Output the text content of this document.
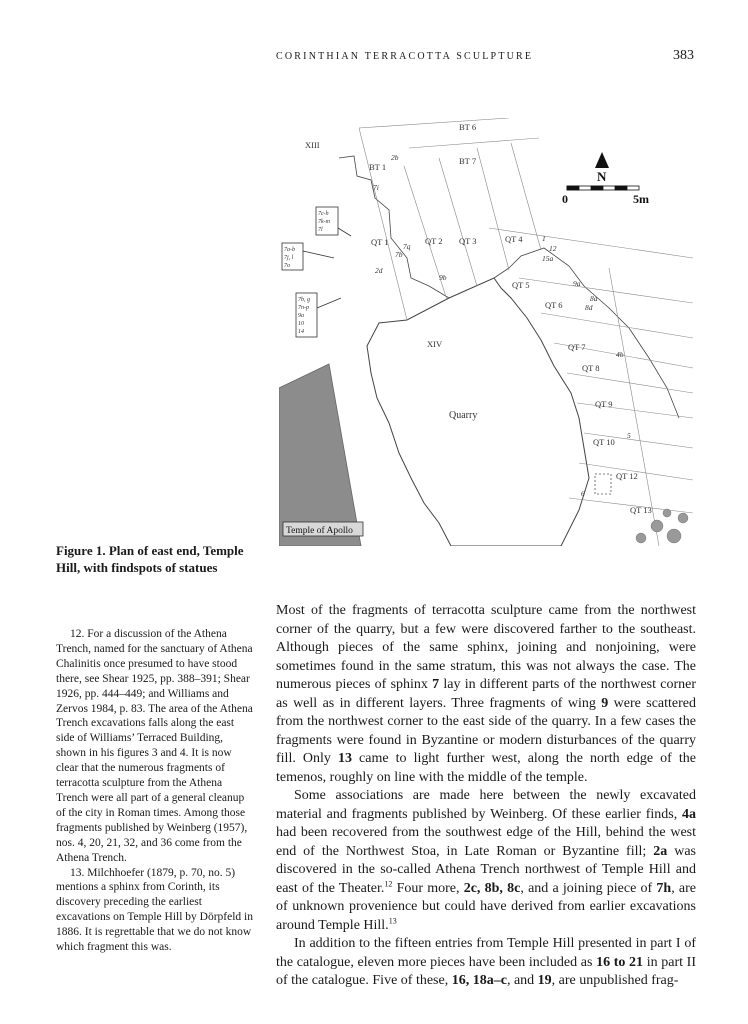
CORINTHIAN TERRACOTTA SCULPTURE	383
XIII
BT 6
BT 1
BT 7
QT 1	QT 2 QT 3	QT 4
QT 5
QT 6
QT 7
QT 8
QT 9
QT 10
QT 12
QT 13
XIV
Quarry
2b
7i
7q
7b
2d
9b
1
12
15a
9a
8a
8d
4b
5
6
7c-h
7k-m
7l
7a-b
7j, l
7o
7b, g
7n-p
9a
10
14
N
0	5m
Temple of Apollo
Figure 1. Plan of east end, Temple Hill, with findspots of statues

12. For a discussion of the Athena Trench, named for the sanctuary of Athena Chalinitis once presumed to have stood there, see Shear 1925, pp. 388–391; Shear 1926, pp. 444–449; and Williams and Zervos 1984, p. 83. The area of the Athena Trench excavations falls along the east side of Williams’ Terraced Building, shown in his figures 3 and 4. It is now clear that the numerous fragments of terracotta sculpture from the Athena Trench were all part of a general cleanup of the city in Roman times. Among those fragments published by Weinberg (1957), nos. 4, 20, 21, 32, and 36 come from the Athena Trench.

13. Milchhoefer (1879, p. 70, no. 5) mentions a sphinx from Corinth, its discovery preceding the earliest excavations on Temple Hill by Dörpfeld in 1886. It is regrettable that we do not know which fragment this was.

Most of the fragments of terracotta sculpture came from the northwest corner of the quarry, but a few were discovered farther to the southeast. Although pieces of the same sphinx, joining and nonjoining, were sometimes found in the same stratum, this was not always the case. The numerous pieces of sphinx 7 lay in different parts of the northwest corner as well as in different layers. Three fragments of wing 9 were scattered from the northwest corner to the east side of the quarry. In a few cases the fragments were found in Byzantine or modern disturbances of the quarry fill. Only 13 came to light further west, along the north edge of the temenos, roughly on line with the middle of the temple.

Some associations are made here between the newly excavated material and fragments published by Weinberg. Of these earlier finds, 4a had been recovered from the southwest edge of the Hill, behind the west end of the Northwest Stoa, in Late Roman or Byzantine fill; 2a was discovered in the so-called Athena Trench northwest of Temple Hill and east of the Theater.$^{12}$ Four more, 2c, 8b, 8c, and a joining piece of 7h, are of unknown provenience but could have derived from earlier excavations around Temple Hill.$^{13}$

In addition to the fifteen entries from Temple Hill presented in part I of the catalogue, eleven more pieces have been included as 16 to 21 in part II of the catalogue. Five of these, 16, 18a–c, and 19, are unpublished frag-
